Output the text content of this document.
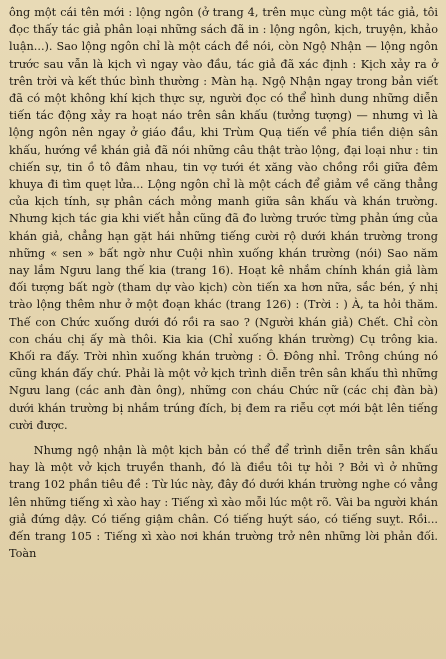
ông một cái tên mới : lộng ngôn (ở trang 4, trên mục cùng một tác giả, tôi đọc thấy tác giả phân loại những sách đã in : lộng ngôn, kịch, truyện, khảo luận...). Sao lộng ngôn chỉ là một cách đề nói, còn Ngộ Nhận — lộng ngôn trước sau vẫn là kịch vì ngay vào đầu, tác giả đã xác định : Kịch xảy ra ở trên trời và kết thúc bình thường : Màn hạ. Ngộ Nhận ngay trong bản viết đã có một không khí kịch thực sự, người đọc có thể hình dung những diễn tiến tác động xảy ra hoạt náo trên sân khấu (tưởng tượng) — nhưng vì là lộng ngôn nên ngay ở giáo đầu, khi Trùm Quạ tiến về phía tiền diện sân khấu, hướng về khán giả đã nói những câu thật trào lộng, đại loại như : tin chiến sự, tin ồ tô đâm nhau, tin vợ tưới ét xăng vào chồng rồi giữa đêm khuya đi tìm quẹt lửa... Lộng ngôn chỉ là một cách để giảm về căng thẳng của kịch tính, sự phân cách mỏng manh giữa sân khấu và khán trường. Nhưng kịch tác gia khi viết hẳn cũng đã đo lường trước từng phản ứng của khán giả, chẳng hạn gặt hái những tiếng cười rộ dưới khán trường trong những « sen » bất ngờ như Cuội nhìn xuống khán trường (nói) Sao năm nay lắm Ngưu lang thế kia (trang 16). Hoạt kê nhắm chính khán giả làm đối tượng bất ngờ (tham dự vào kịch) còn tiến xa hơn nữa, sắc bén, ý nhị trào lộng thêm như ở một đoạn khác (trang 126) : (Trời : ) À, ta hỏi thăm. Thế con Chức xuống dưới đó rồi ra sao ? (Người khán giả) Chết. Chỉ còn con cháu chị ấy mà thôi. Kia kia (Chỉ xuống khán trường) Cụ trông kia. Khối ra đấy. Trời nhìn xuống khán trường : Ô. Đông nhỉ. Trông chúng nó cũng khán đấy chứ. Phải là một vở kịch trình diễn trên sân khấu thì những Ngưu lang (các anh đàn ông), những con cháu Chức nữ (các chị đàn bà) dưới khán trường bị nhắm trúng đích, bị đem ra riễu cợt mới bật lên tiếng cười được.

Nhưng ngộ nhận là một kịch bản có thể để trình diễn trên sân khấu hay là một vở kịch truyền thanh, đó là điều tôi tự hỏi ? Bởi vì ở những trang 102 phần tiêu đề : Từ lúc này, đây đó dưới khán trường nghe có vẳng lên những tiếng xì xào hay : Tiếng xì xào mỗi lúc một rõ. Vài ba người khán giả đứng dậy. Có tiếng giậm chân. Có tiếng huýt sáo, có tiếng suỵt. Rồi... đến trang 105 : Tiếng xì xào nơi khán trường trở nên những lời phản đối. Toàn
